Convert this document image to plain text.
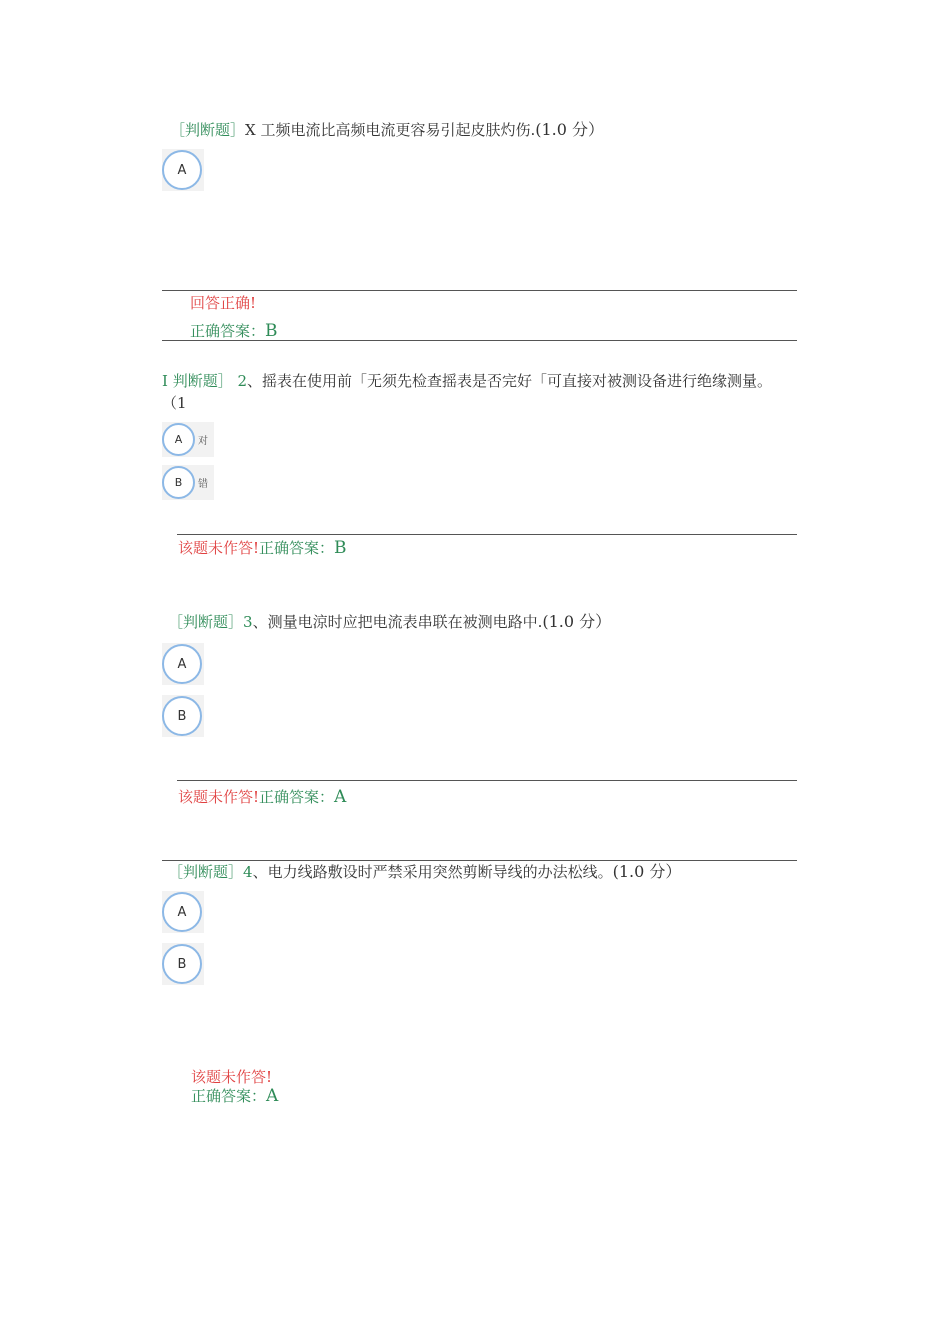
［判断题］X 工频电流比高频电流更容易引起皮肤灼伤.(1.0 分）
A
回答正确!
正确答案：B
I 判断题］ 2、摇表在使用前「无须先检查摇表是否完好「可直接对被测设备进行绝缘测量。
（1
A 对
B 错
该题未作答!正确答案：B
［判断题］3、测量电涼时应把电流表串联在被测电路中.(1.0 分）
A
B
该题未作答!正确答案：A
［判断题］4、电力线路敷设时严禁采用突然剪断导线的办法松线。(1.0 分）
A
B
该题未作答!
正确答案：A
